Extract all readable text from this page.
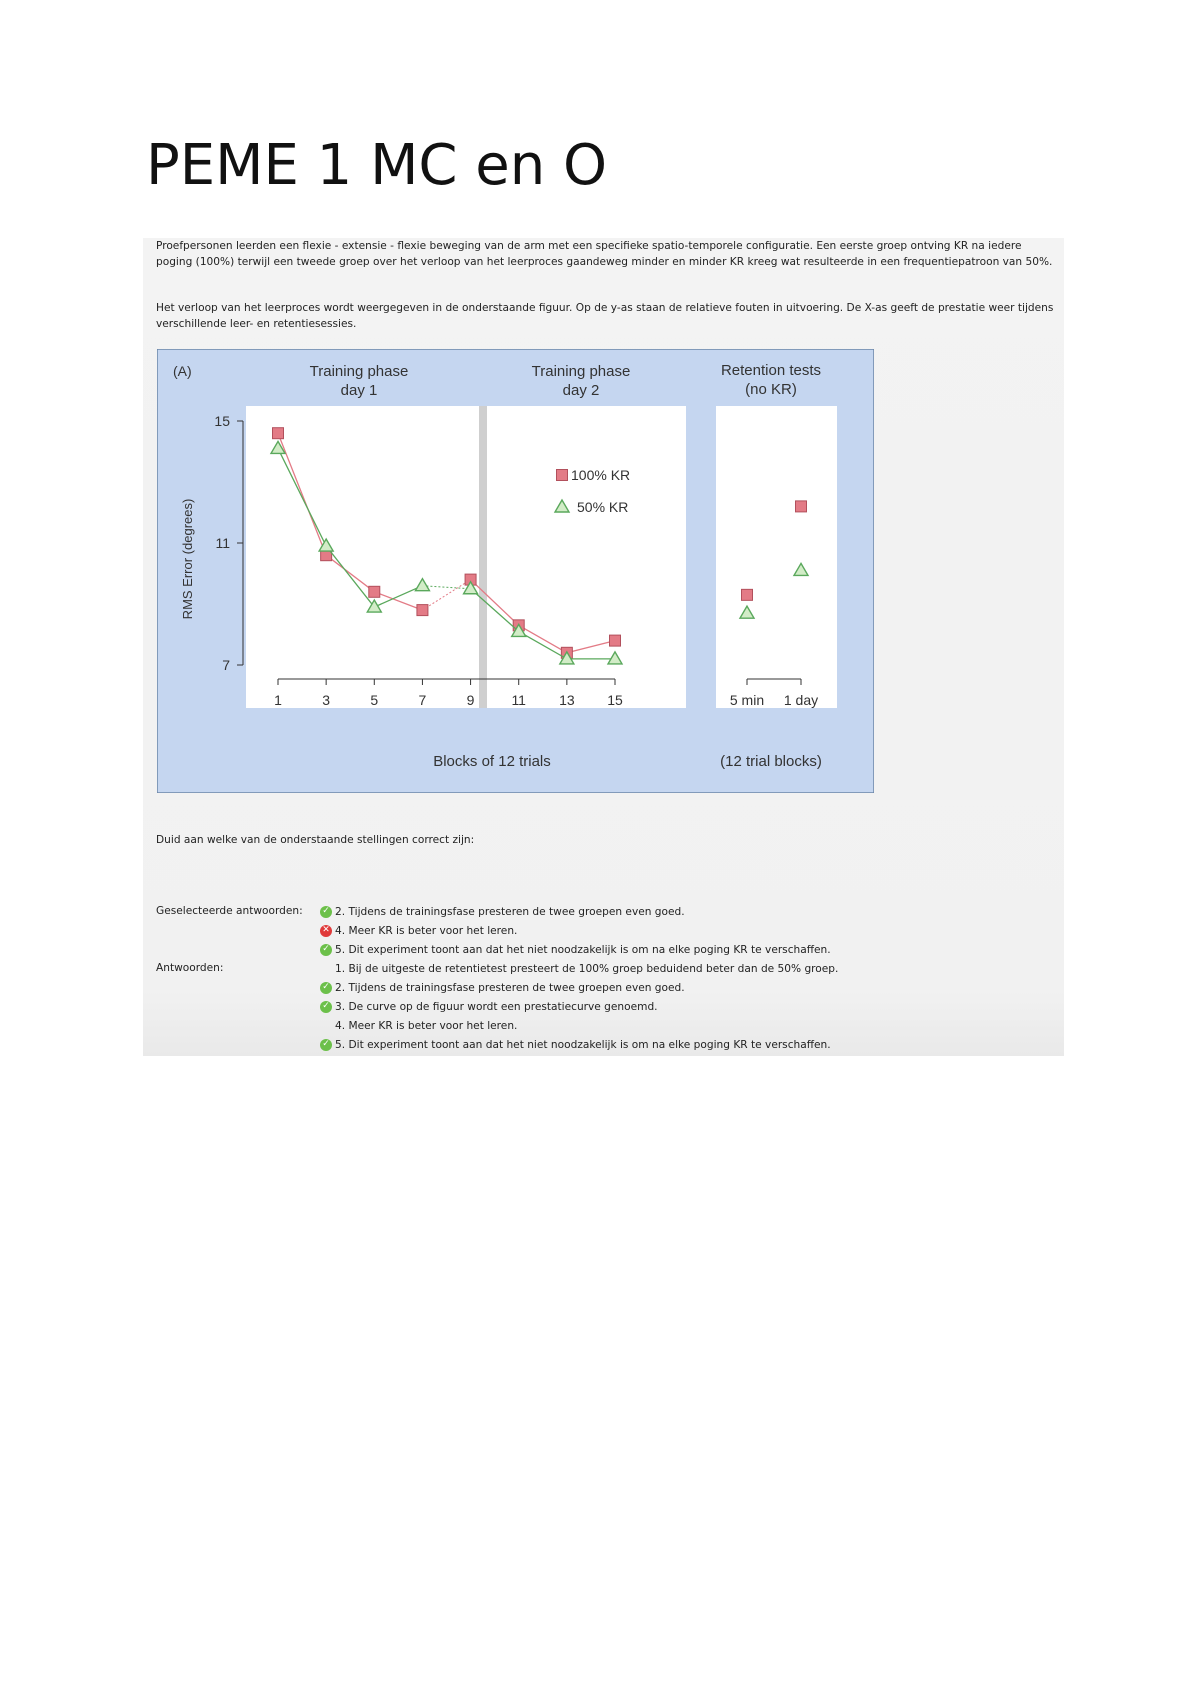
PEME 1 MC en O

Proefpersonen leerden een flexie - extensie - flexie beweging van de arm met een specifieke spatio-temporele configuratie. Een eerste groep ontving KR na iedere poging (100%) terwijl een tweede groep over het verloop van het leerproces gaandeweg minder en minder KR kreeg wat resulteerde in een frequentiepatroon van 50%.

Het verloop van het leerproces wordt weergegeven in de onderstaande figuur. Op de y-as staan de relatieve fouten in uitvoering. De X-as geeft de prestatie weer tijdens verschillende leer- en retentiesessies.

(A)	Training phase
day 1
Training phase
day 2
Retention tests
(no KR)
RMS Error (degrees)
Blocks of 12 trials	(12 trial blocks)
7
11
15
1	3	5	7	9	11 13 15	5 min 1 day
100% KR
50% KR
Duid aan welke van de onderstaande stellingen correct zijn:
Geselecteerde antwoorden:
Antwoorden:
✓ 2. Tijdens de trainingsfase presteren de twee groepen even goed.
✕ 4. Meer KR is beter voor het leren.
✓ 5. Dit experiment toont aan dat het niet noodzakelijk is om na elke poging KR te verschaffen.
1. Bij de uitgeste de retentietest presteert de 100% groep beduidend beter dan de 50% groep.
✓ 2. Tijdens de trainingsfase presteren de twee groepen even goed.
✓ 3. De curve op de figuur wordt een prestatiecurve genoemd.
4. Meer KR is beter voor het leren.
✓ 5. Dit experiment toont aan dat het niet noodzakelijk is om na elke poging KR te verschaffen.
